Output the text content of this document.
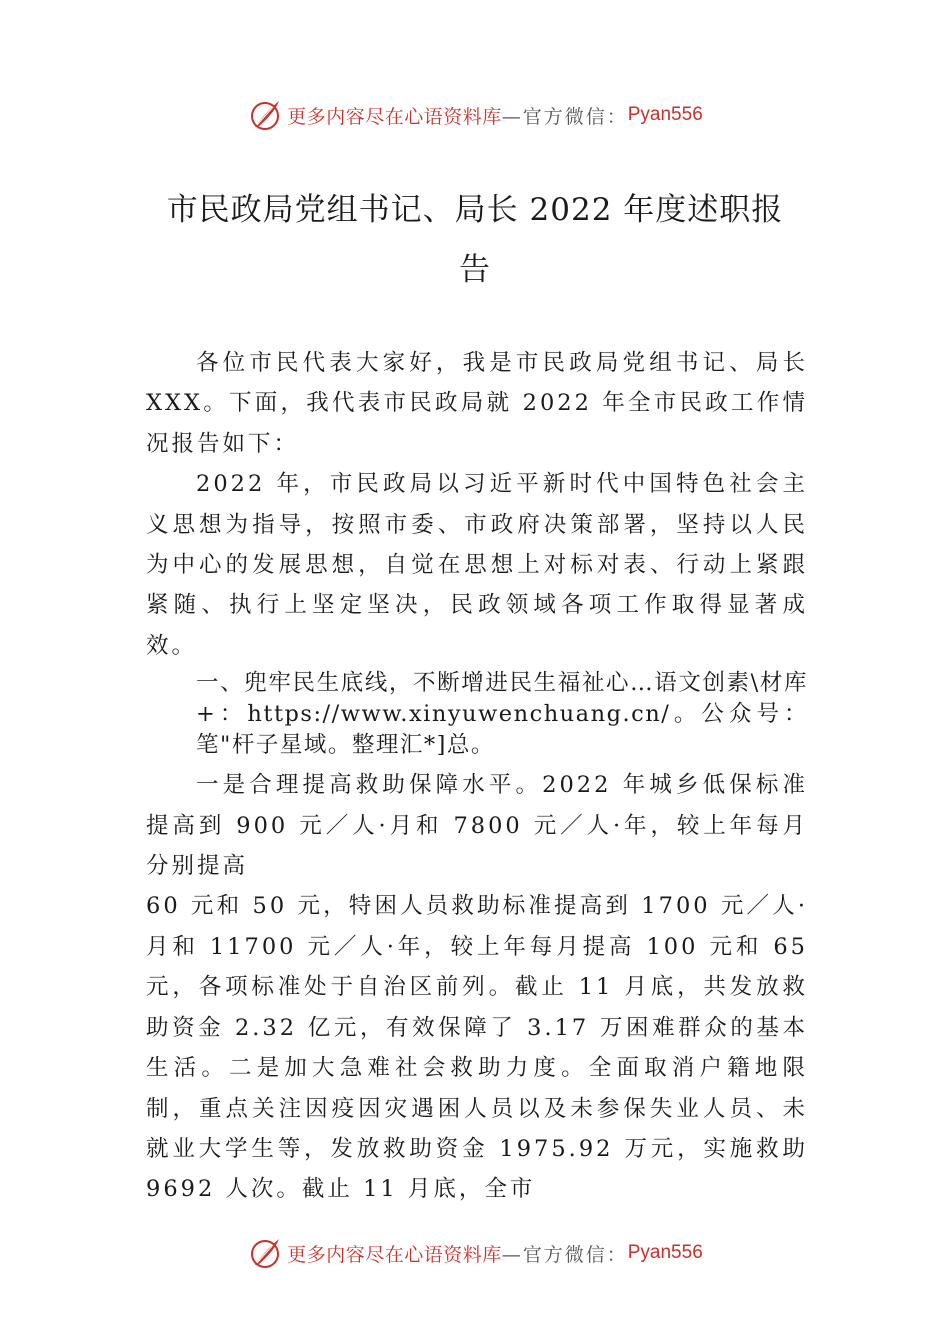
更多内容尽在心语资料库 —官方微信： Pyan556
市民政局党组书记、局长 2022 年度述职报
告

各位市民代表大家好，我是市民政局党组书记、局长XXX。下面，我代表市民政局就 2022 年全市民政工作情况报告如下：

2022 年，市民政局以习近平新时代中国特色社会主义思想为指导，按照市委、市政府决策部署，坚持以人民为中心的发展思想，自觉在思想上对标对表、行动上紧跟紧随、执行上坚定坚决，民政领域各项工作取得显著成效。

一、兜牢民生底线，不断增进民生福祉心…语文创素\材库+：https://www.xinyuwenchuang.cn/。公众号：笔"杆子星域。整理汇*]总。

一是合理提高救助保障水平。2022 年城乡低保标准提高到 900 元／人·月和 7800 元／人·年，较上年每月分别提高

60 元和 50 元，特困人员救助标准提高到 1700 元／人·月和 11700 元／人·年，较上年每月提高 100 元和 65 元，各项标准处于自治区前列。截止 11 月底，共发放救助资金 2.32 亿元，有效保障了 3.17 万困难群众的基本生活。二是加大急难社会救助力度。全面取消户籍地限制，重点关注因疫因灾遇困人员以及未参保失业人员、未就业大学生等，发放救助资金 1975.92 万元，实施救助 9692 人次。截止 11 月底，全市

更多内容尽在心语资料库 —官方微信： Pyan556
